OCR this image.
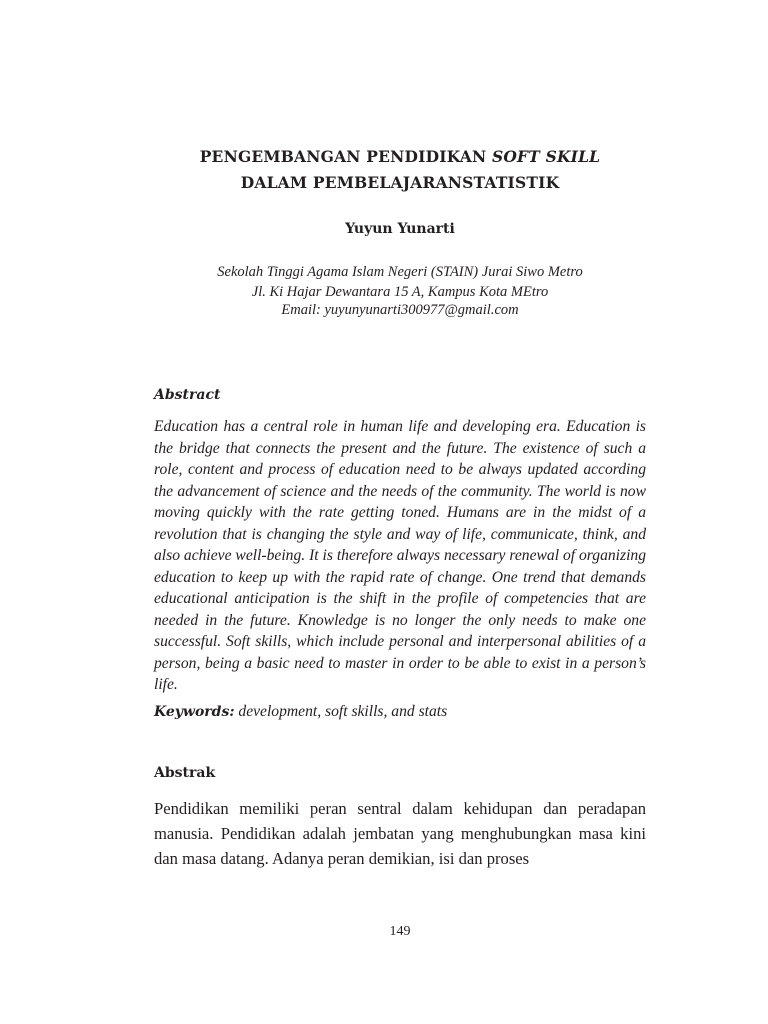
PENGEMBANGAN PENDIDIKAN SOFT SKILL
DALAM PEMBELAJARANSTATISTIK
Yuyun Yunarti
Sekolah Tinggi Agama Islam Negeri (STAIN) Jurai Siwo Metro
Jl. Ki Hajar Dewantara 15 A, Kampus Kota MEtro
Email: yuyunyunarti300977@gmail.com
Abstract

Education has a central role in human life and developing era. Education is the bridge that connects the present and the future. The existence of such a role, content and process of education need to be always updated according the advancement of science and the needs of the community. The world is now moving quickly with the rate getting toned. Humans are in the midst of a revolution that is changing the style and way of life, communicate, think, and also achieve well-being. It is therefore always necessary renewal of organizing education to keep up with the rapid rate of change. One trend that demands educational anticipation is the shift in the profile of competencies that are needed in the future. Knowledge is no longer the only needs to make one successful. Soft skills, which include personal and interpersonal abilities of a person, being a basic need to master in order to be able to exist in a person’s life.

Keywords: development, soft skills, and stats

Abstrak

Pendidikan memiliki peran sentral dalam kehidupan dan peradapan manusia. Pendidikan adalah jembatan yang menghubungkan masa kini dan masa datang. Adanya peran demikian, isi dan proses

149
